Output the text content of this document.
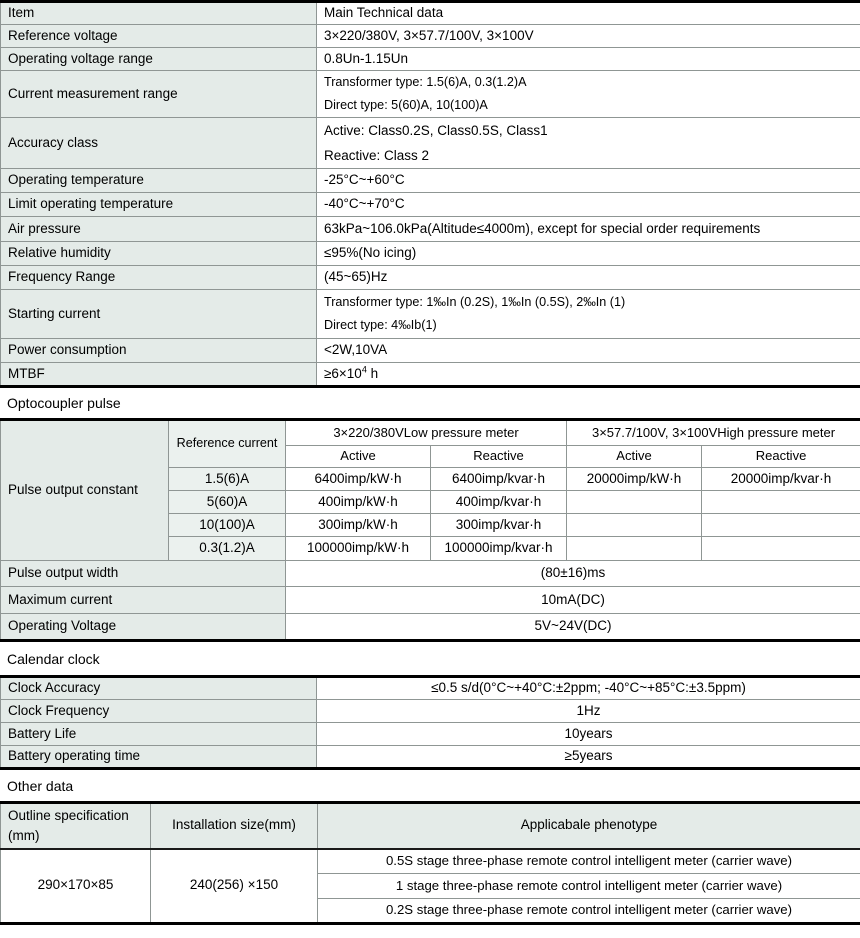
Item	Main Technical data
Reference voltage	3×220/380V, 3×57.7/100V, 3×100V
Operating voltage range	0.8Un-1.15Un
Current measurement range	Transformer type: 1.5(6)A, 0.3(1.2)A
Direct type: 5(60)A, 10(100)A

Accuracy class	Active: Class0.2S, Class0.5S, Class1
Reactive: Class 2

Operating temperature	-25°C~+60°C
Limit operating temperature	-40°C~+70°C
Air pressure	63kPa~106.0kPa(Altitude≤4000m), except for special order requirements
Relative humidity	≤95%(No icing)
Frequency Range	(45~65)Hz
Starting current	Transformer type: 1‰In (0.2S), 1‰In (0.5S), 2‰In (1)
Direct type: 4‰Ib(1)

Power consumption	<2W,10VA
MTBF	$\ge 6\times 10^4$ h
Optocoupler pulse
Pulse output constant	Reference current	3×220/380VLow pressure meter		3×57.7/100V, 3×100VHigh pressure meter	
		Active	Reactive	Active	Reactive
	1.5(6)A	6400imp/kW·h	6400imp/kvar·h	20000imp/kW·h	20000imp/kvar·h
	5(60)A	400imp/kW·h	400imp/kvar·h		
	10(100)A	300imp/kW·h	300imp/kvar·h		
	0.3(1.2)A	100000imp/kW·h	100000imp/kvar·h		
Pulse output width		(80±16)ms			
Maximum current		10mA(DC)			
Operating Voltage		5V~24V(DC)			
Calendar clock
Clock Accuracy	≤0.5 s/d(0°C~+40°C:±2ppm; -40°C~+85°C:±3.5ppm)
Clock Frequency	1Hz
Battery Life	10years
Battery operating time	≥5years
Other data
Outline specification (mm)	Installation size(mm)	Applicabale phenotype
290×170×85	240(256) ×150	0.5S stage three-phase remote control intelligent meter (carrier wave)
		1 stage three-phase remote control intelligent meter (carrier wave)
		0.2S stage three-phase remote control intelligent meter (carrier wave)
